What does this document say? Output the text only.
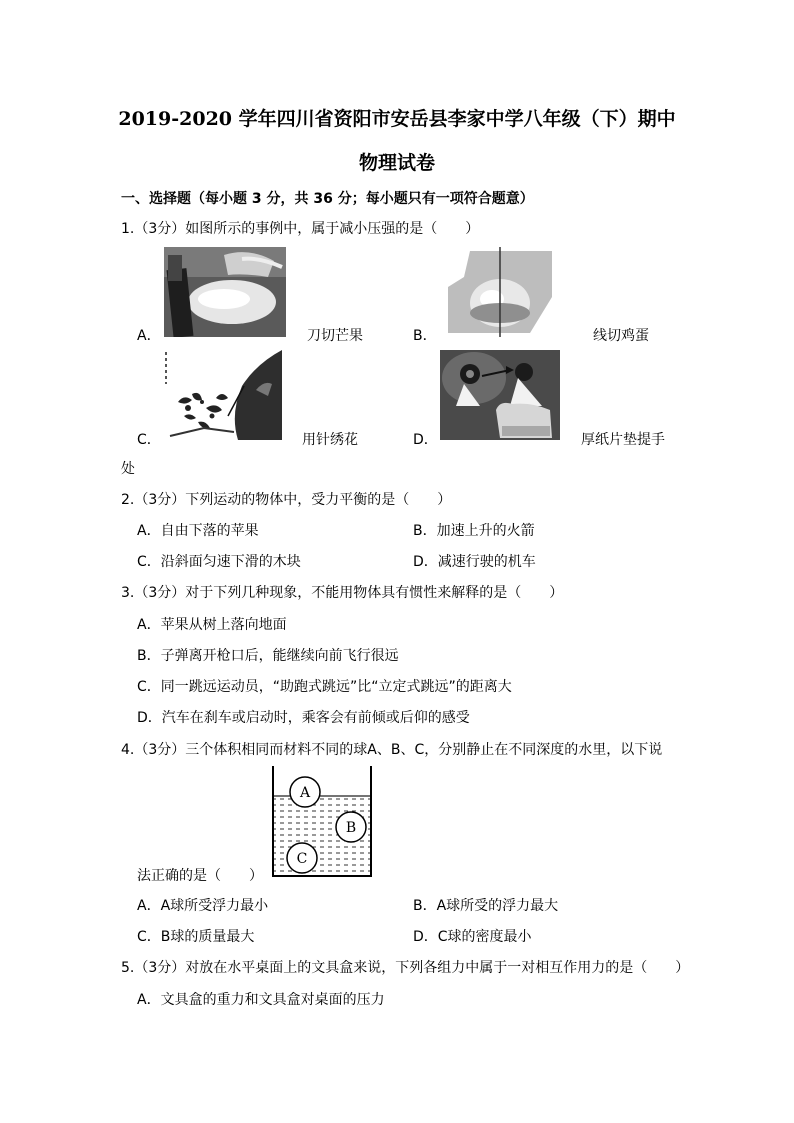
2019-2020 学年四川省资阳市安岳县李家中学八年级（下）期中
物理试卷
一、选择题（每小题 3 分，共 36 分；每小题只有一项符合题意）
1.（3分）如图所示的事例中，属于减小压强的是（　　）
A．	刀切芒果	B．	线切鸡蛋
C．	用针绣花	D．	厚纸片垫提手
处
2.（3分）下列运动的物体中，受力平衡的是（　　）
A．自由下落的苹果	B．加速上升的火箭
C．沿斜面匀速下滑的木块	D．减速行驶的机车
3.（3分）对于下列几种现象，不能用物体具有惯性来解释的是（　　）
A．苹果从树上落向地面
B．子弹离开枪口后，能继续向前飞行很远
C．同一跳远运动员，“助跑式跳远”比“立定式跳远”的距离大
D．汽车在刹车或启动时，乘客会有前倾或后仰的感受
4.（3分）三个体积相同而材料不同的球A、B、C，分别静止在不同深度的水里，以下说
A
B
C
法正确的是（　　）
A．A球所受浮力最小	B．A球所受的浮力最大
C．B球的质量最大	D．C球的密度最小
5.（3分）对放在水平桌面上的文具盒来说，下列各组力中属于一对相互作用力的是（　　）
A．文具盒的重力和文具盒对桌面的压力
